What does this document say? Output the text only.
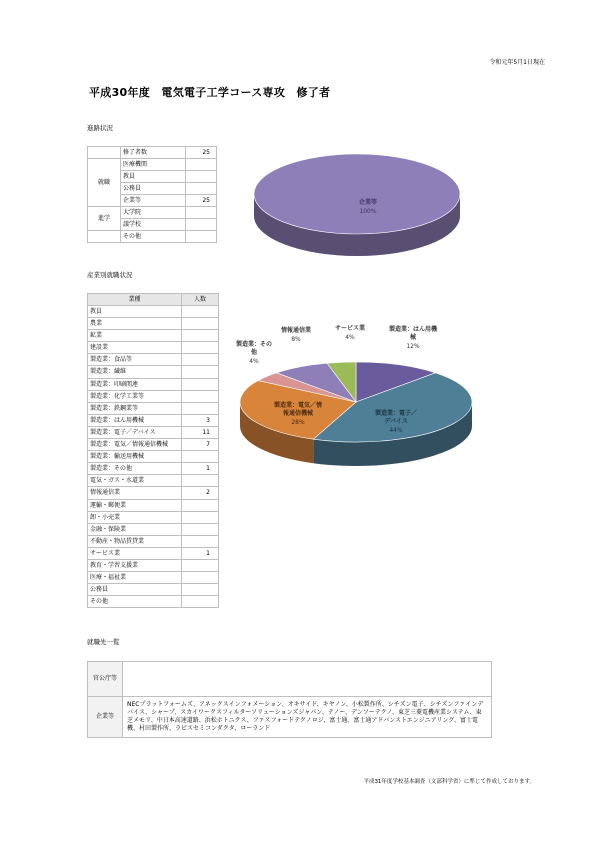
令和元年5月1日現在
平成30年度　電気電子工学コース専攻　修了者
進路状況
	修了者数	25
就職	医療機関	
	教員	
	公務員	
	企業等	25
進学	大学院	
	議学校	
	その他	
企業等 100%
産業別就職状況
業種	人数
教員	
農業	
鉱業	
建設業	
製造業：食品等	
製造業：繊維	
製造業：印刷関連	
製造業：化学工業等	
製造業：鉄鋼業等	
製造業：はん用機械	3
製造業：電子／デバイス	11
製造業：電気／情報通信機械	7
製造業：輸送用機械	
製造業：その他	1
電気・ガス・水道業	
情報通信業	2
運輸・郵便業	
卸・小売業	
金融・保険業	
不動産・物品賃貸業	
サービス業	1
教育・学習支援業	
医療・福祉業	
公務員	
その他	
製造業：はん用機械 12%
製造業：電子／デバイス 44%
製造業：電気／情報通信機械 28%
製造業：その他 4%
情報通信業 8%
サービス業 4%
就職先一覧
官公庁等	
企業等	NECプラットフォームズ、アネックスインフォメーション、オキサイド、キヤノン、小松製作所、シチズン電子、シチズンファインデバイス、シャープ、スカイワークスフィルターソリューションズジャパン、テノー、デンソーテクノ、東芝三菱電機産業システム、東芝メモリ、中日本高速道路、浜松ホトニクス、ファスフォードテクノロジ、富士通、富士通アドバンストエンジニアリング、富士電機、村田製作所、ラピスセミコンダクタ、ローランド
平成31年度学校基本調査（文部科学省）に準じて作成しております。
